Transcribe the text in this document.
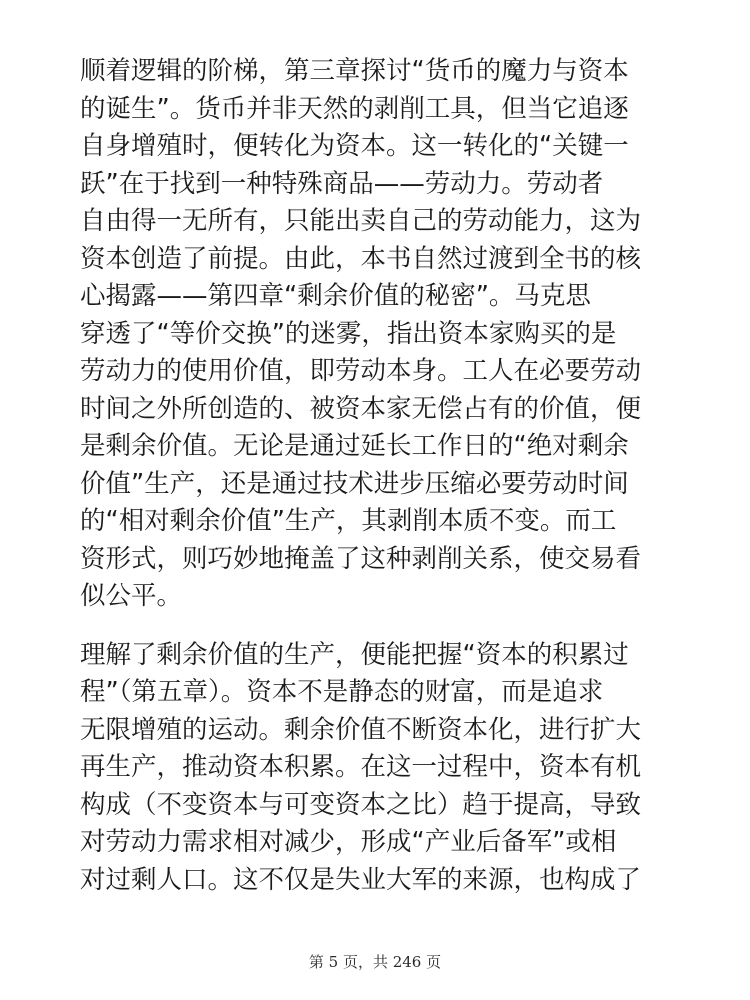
顺着逻辑的阶梯，第三章探讨“货币的魔力与资本
的诞生”。货币并非天然的剥削工具，但当它追逐
自身增殖时，便转化为资本。这一转化的“关键一
跃”在于找到一种特殊商品——劳动力。劳动者
自由得一无所有，只能出卖自己的劳动能力，这为
资本创造了前提。由此，本书自然过渡到全书的核
心揭露——第四章“剩余价值的秘密”。马克思
穿透了“等价交换”的迷雾，指出资本家购买的是
劳动力的使用价值，即劳动本身。工人在必要劳动
时间之外所创造的、被资本家无偿占有的价值，便
是剩余价值。无论是通过延长工作日的“绝对剩余
价值”生产，还是通过技术进步压缩必要劳动时间
的“相对剩余价值”生产，其剥削本质不变。而工
资形式，则巧妙地掩盖了这种剥削关系，使交易看
似公平。

理解了剩余价值的生产，便能把握“资本的积累过
程”（第五章）。资本不是静态的财富，而是追求
无限增殖的运动。剩余价值不断资本化，进行扩大
再生产，推动资本积累。在这一过程中，资本有机
构成（不变资本与可变资本之比）趋于提高，导致
对劳动力需求相对减少，形成“产业后备军”或相
对过剩人口。这不仅是失业大军的来源，也构成了

第 5 页，共 246 页
